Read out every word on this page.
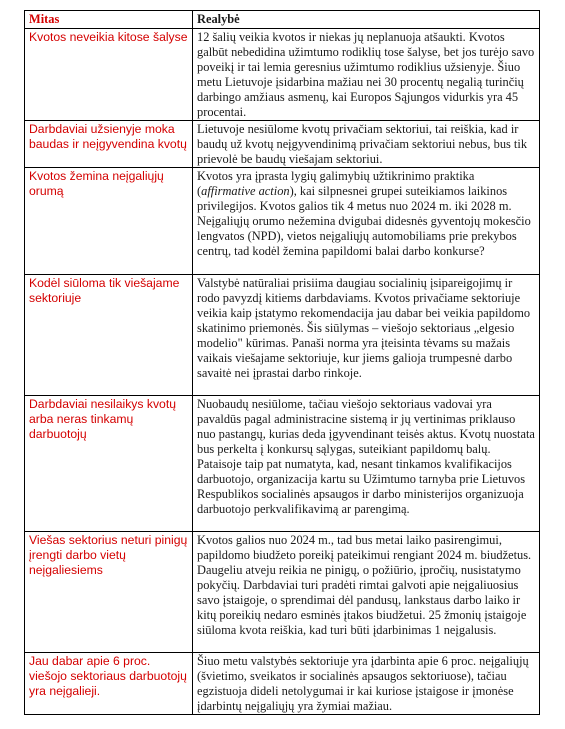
Mitas	Realybė
Kvotos neveikia kitose šalyse	12 šalių veikia kvotos ir niekas jų neplanuoja atšaukti. Kvotos galbūt nebedidina užimtumo rodiklių tose šalyse, bet jos turėjo savo poveikį ir tai lemia geresnius užimtumo rodiklius užsienyje. Šiuo metu Lietuvoje įsidarbina mažiau nei 30 procentų negalią turinčių darbingo amžiaus asmenų, kai Europos Sąjungos vidurkis yra 45 procentai.
Darbdaviai užsienyje moka baudas ir neįgyvendina kvotų	Lietuvoje nesiūlome kvotų privačiam sektoriui, tai reiškia, kad ir baudų už kvotų neįgyvendinimą privačiam sektoriui nebus, bus tik prievolė be baudų viešajam sektoriui.
Kvotos žemina neįgaliųjų orumą	Kvotos yra įprasta lygių galimybių užtikrinimo praktika (affirmative action), kai silpnesnei grupei suteikiamos laikinos privilegijos. Kvotos galios tik 4 metus nuo 2024 m. iki 2028 m. Neįgaliųjų orumo nežemina dvigubai didesnės gyventojų mokesčio lengvatos (NPD), vietos neįgaliųjų automobiliams prie prekybos centrų, tad kodėl žemina papildomi balai darbo konkurse?
Kodėl siūloma tik viešajame sektoriuje	Valstybė natūraliai prisiima daugiau socialinių įsipareigojimų ir rodo pavyzdį kitiems darbdaviams. Kvotos privačiame sektoriuje veikia kaip įstatymo rekomendacija jau dabar bei veikia papildomo skatinimo priemonės. Šis siūlymas – viešojo sektoriaus „elgesio modelio" kūrimas. Panaši norma yra įteisinta tėvams su mažais vaikais viešajame sektoriuje, kur jiems galioja trumpesnė darbo savaitė nei įprastai darbo rinkoje.
Darbdaviai nesilaikys kvotų arba neras tinkamų darbuotojų	Nuobaudų nesiūlome, tačiau viešojo sektoriaus vadovai yra pavaldūs pagal administracine sistemą ir jų vertinimas priklauso nuo pastangų, kurias deda įgyvendinant teisės aktus. Kvotų nuostata bus perkelta į konkursų sąlygas, suteikiant papildomų balų. Pataisoje taip pat numatyta, kad, nesant tinkamos kvalifikacijos darbuotojo, organizacija kartu su Užimtumo tarnyba prie Lietuvos Respublikos socialinės apsaugos ir darbo ministerijos organizuoja darbuotojo perkvalifikavimą ar parengimą.
Viešas sektorius neturi pinigų įrengti darbo vietų neįgaliesiems	Kvotos galios nuo 2024 m., tad bus metai laiko pasirengimui, papildomo biudžeto poreikį pateikimui rengiant 2024 m. biudžetus. Daugeliu atveju reikia ne pinigų, o požiūrio, įpročių, nusistatymo pokyčių. Darbdaviai turi pradėti rimtai galvoti apie neįgaliuosius savo įstaigoje, o sprendimai dėl pandusų, lankstaus darbo laiko ir kitų poreikių nedaro esminės įtakos biudžetui. 25 žmonių įstaigoje siūloma kvota reiškia, kad turi būti įdarbinimas 1 neįgalusis.
Jau dabar apie 6 proc. viešojo sektoriaus darbuotojų yra neįgalieji.	Šiuo metu valstybės sektoriuje yra įdarbinta apie 6 proc. neįgaliųjų (švietimo, sveikatos ir socialinės apsaugos sektoriuose), tačiau egzistuoja dideli netolygumai ir kai kuriose įstaigose ir įmonėse įdarbintų neįgaliųjų yra žymiai mažiau.
